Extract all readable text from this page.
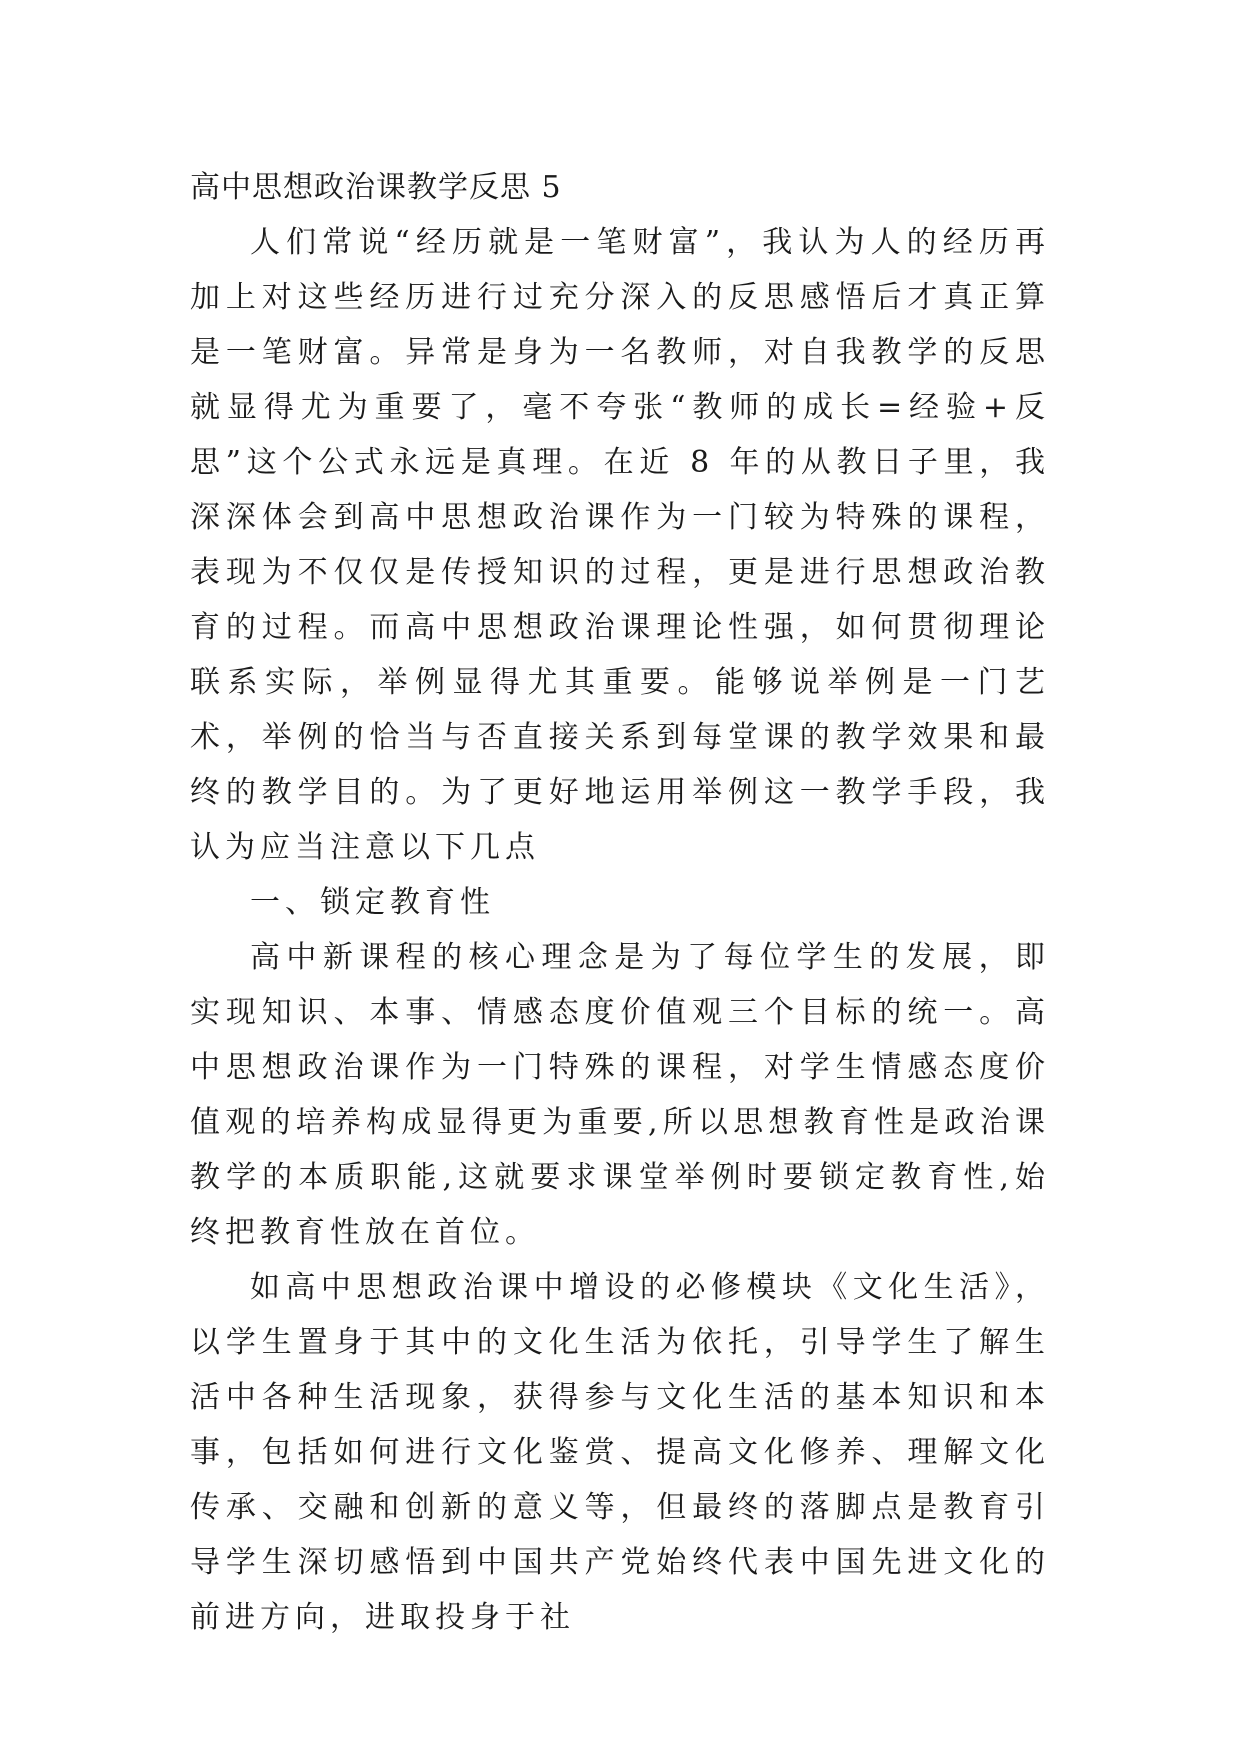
高中思想政治课教学反思 5

人们常说“经历就是一笔财富”，我认为人的经历再加上对这些经历进行过充分深入的反思感悟后才真正算是一笔财富。异常是身为一名教师，对自我教学的反思就显得尤为重要了，毫不夸张“教师的成长=经验+反思”这个公式永远是真理。在近 8 年的从教日子里，我深深体会到高中思想政治课作为一门较为特殊的课程，表现为不仅仅是传授知识的过程，更是进行思想政治教育的过程。而高中思想政治课理论性强，如何贯彻理论联系实际，举例显得尤其重要。能够说举例是一门艺术，举例的恰当与否直接关系到每堂课的教学效果和最终的教学目的。为了更好地运用举例这一教学手段，我认为应当注意以下几点

一、锁定教育性

高中新课程的核心理念是为了每位学生的发展，即实现知识、本事、情感态度价值观三个目标的统一。高中思想政治课作为一门特殊的课程，对学生情感态度价值观的培养构成显得更为重要,所以思想教育性是政治课教学的本质职能,这就要求课堂举例时要锁定教育性,始终把教育性放在首位。

如高中思想政治课中增设的必修模块《文化生活》，以学生置身于其中的文化生活为依托，引导学生了解生活中各种生活现象，获得参与文化生活的基本知识和本事，包括如何进行文化鉴赏、提高文化修养、理解文化传承、交融和创新的意义等，但最终的落脚点是教育引导学生深切感悟到中国共产党始终代表中国先进文化的前进方向，进取投身于社
